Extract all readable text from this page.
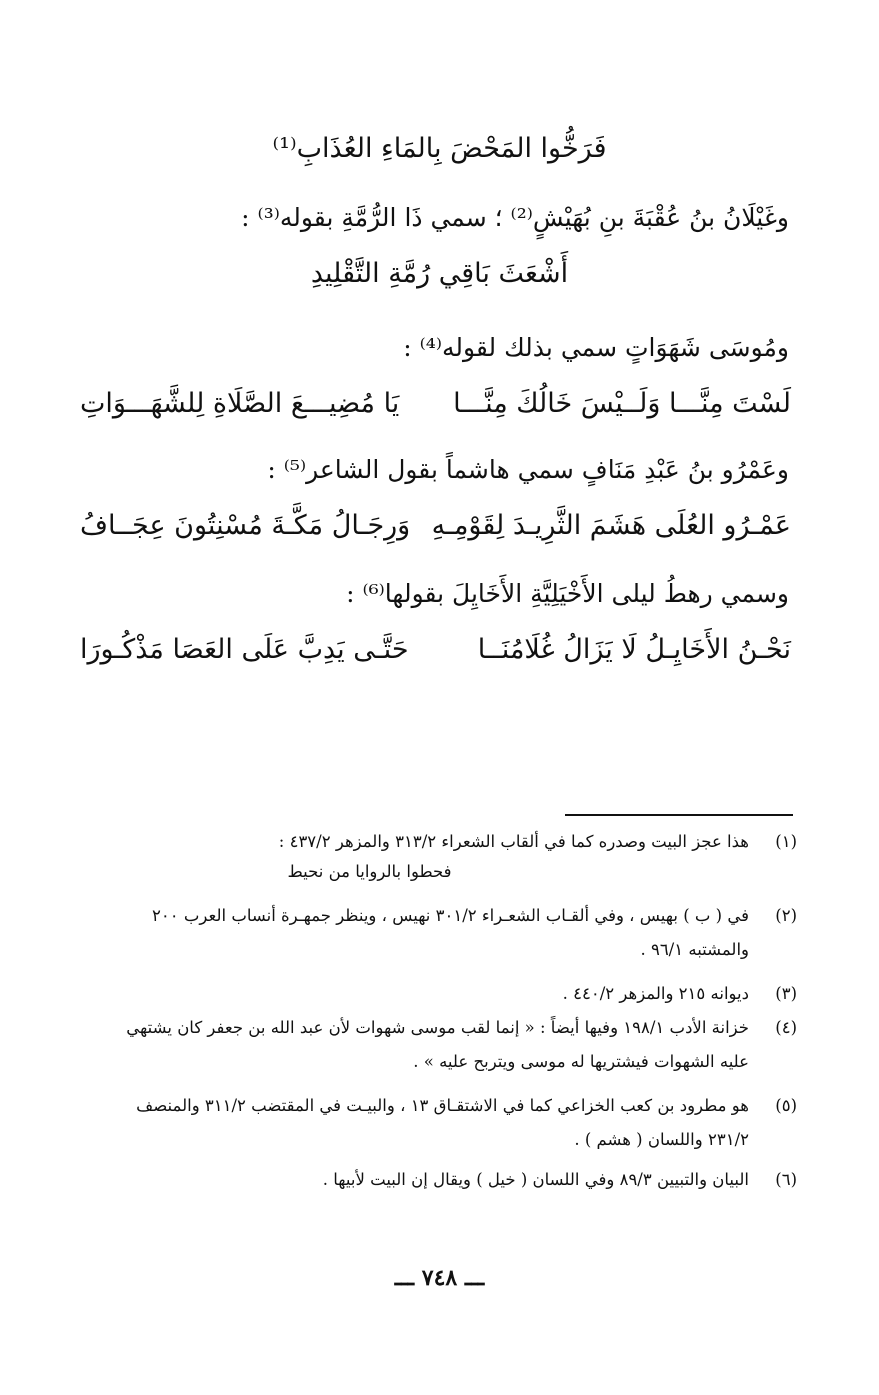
فَرَخُّوا المَحْضَ بِالمَاءِ العُذَابِ⁽¹⁾
وغَيْلَانُ بنُ عُقْبَةَ بنِ بُهَيْشٍ⁽²⁾ ؛ سمي ذَا الرُّمَّةِ بقوله⁽³⁾ :
أَشْعَثَ بَاقِي رُمَّةِ التَّقْلِيدِ
ومُوسَى شَهَوَاتٍ سمي بذلك لقوله⁽⁴⁾ :
لَسْتَ مِنَّـــا وَلَــيْسَ خَالُكَ مِنَّـــا
يَا مُضِيـــعَ الصَّلَاةِ لِلشَّهَـــوَاتِ
وعَمْرُو بنُ عَبْدِ مَنَافٍ سمي هاشماً بقول الشاعر⁽⁵⁾ :
عَمْـرُو العُلَى هَشَمَ الثَّرِيـدَ لِقَوْمِـهِ
وَرِجَـالُ مَكَّـةَ مُسْنِتُونَ عِجَــافُ
وسمي رهطُ ليلى الأَخْيَلِيَّةِ الأَخَايِلَ بقولها⁽⁶⁾ :
نَحْـنُ الأَخَايِـلُ لَا يَزَالُ غُلَامُنَــا
حَتَّـى يَدِبَّ عَلَى العَصَا مَذْكُـورَا
(١)
هذا عجز البيت وصدره كما في ألقاب الشعراء ٣١٣/٢ والمزهر ٤٣٧/٢ :
فحطوا بالروايا من نحيط
(٢)
في ( ب ) بهيس ، وفي ألقـاب الشعـراء ٣٠١/٢ نهيس ، وينظر جمهـرة أنساب العرب ٢٠٠
والمشتبه ٩٦/١ .
(٣)
ديوانه ٢١٥ والمزهر ٤٤٠/٢ .
(٤)
خزانة الأدب ١٩٨/١ وفيها أيضاً : « إنما لقب موسى شهوات لأن عبد الله بن جعفر كان يشتهي
عليه الشهوات فيشتريها له موسى ويتربح عليه » .
(٥)
هو مطرود بن كعب الخزاعي كما في الاشتقـاق ١٣ ، والبيـت في المقتضب ٣١١/٢ والمنصف
٢٣١/٢ واللسان ( هشم ) .
(٦)
البيان والتبيين ٨٩/٣ وفي اللسان ( خيل ) ويقال إن البيت لأبيها .
ـــ ٧٤٨ ـــ
